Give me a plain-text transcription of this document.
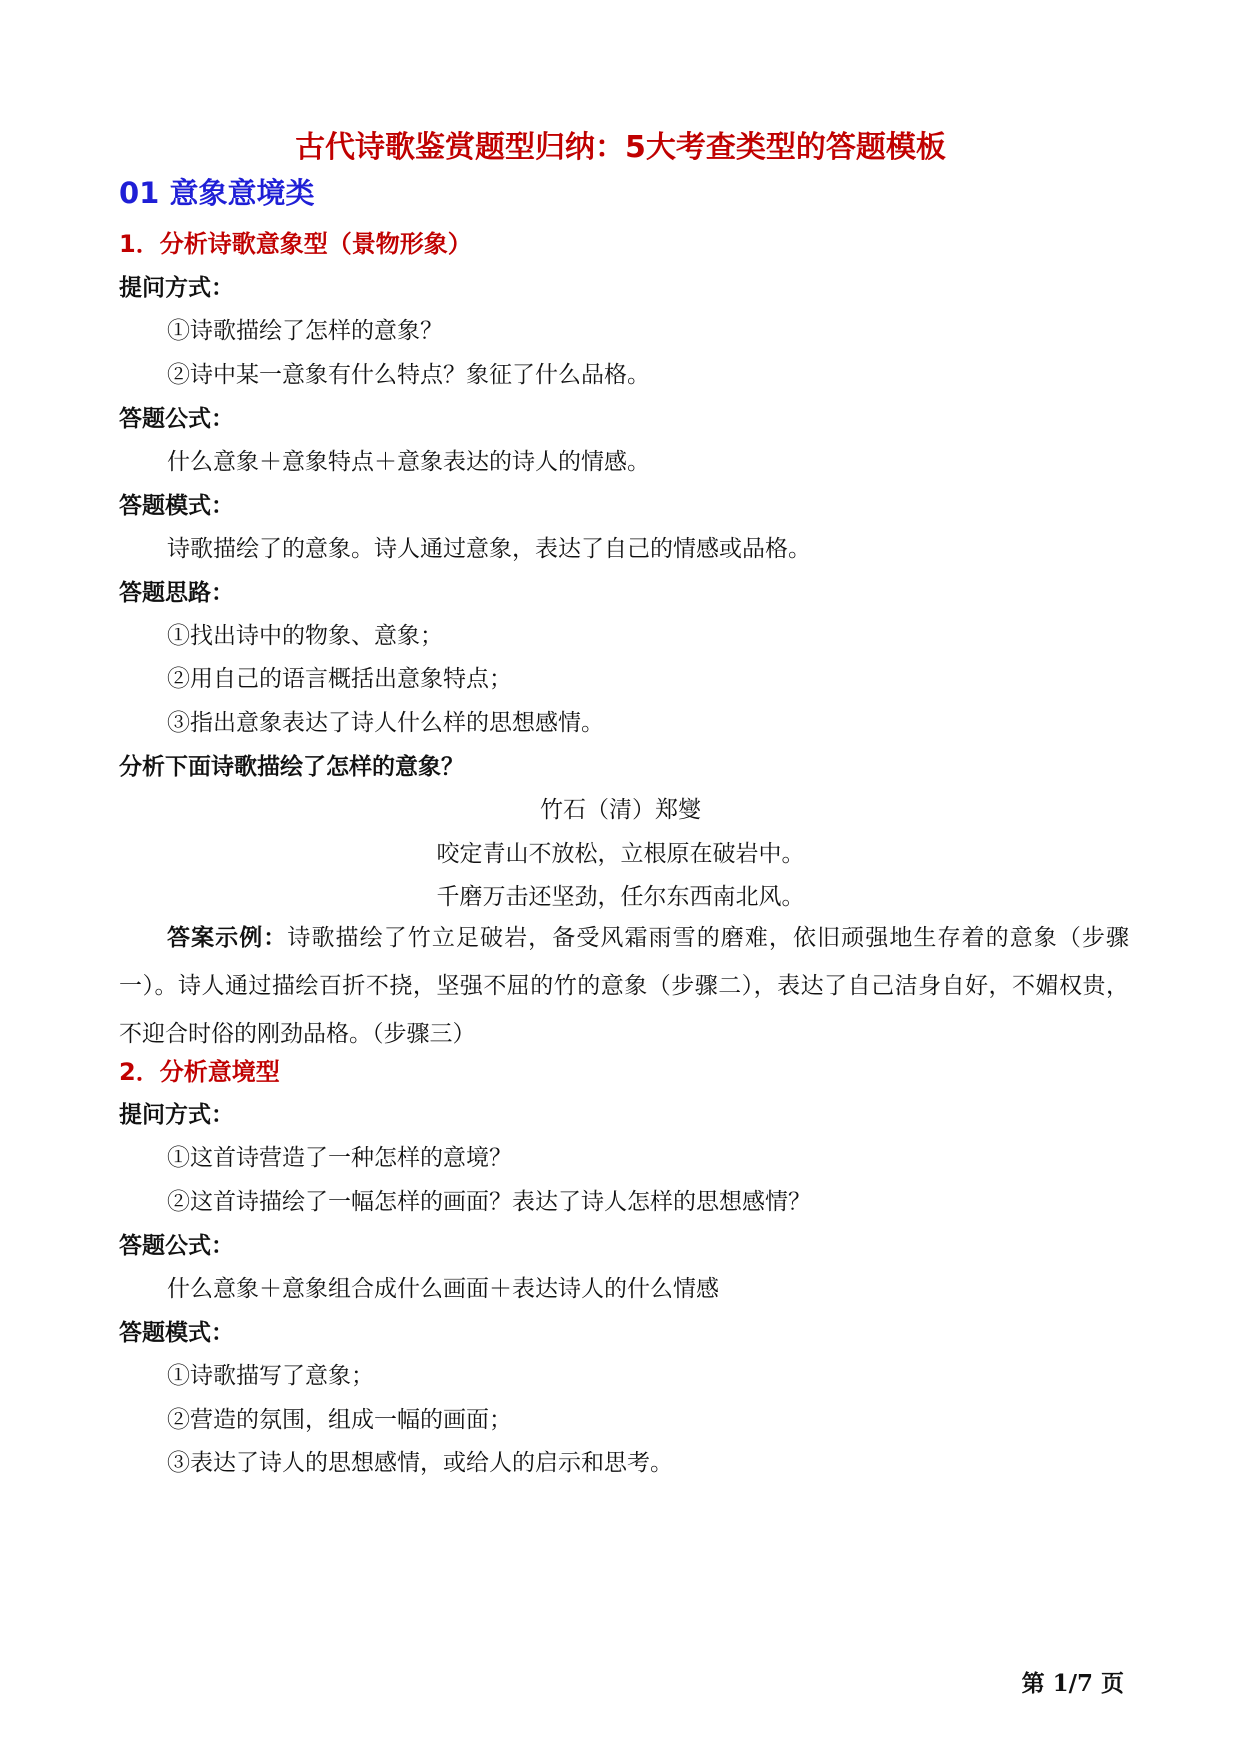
古代诗歌鉴赏题型归纳：5大考查类型的答题模板
01 意象意境类
1．分析诗歌意象型（景物形象）
提问方式：
①诗歌描绘了怎样的意象？
②诗中某一意象有什么特点？象征了什么品格。
答题公式：
什么意象＋意象特点＋意象表达的诗人的情感。
答题模式：
诗歌描绘了的意象。诗人通过意象，表达了自己的情感或品格。
答题思路：
①找出诗中的物象、意象；
②用自己的语言概括出意象特点；
③指出意象表达了诗人什么样的思想感情。
分析下面诗歌描绘了怎样的意象？
竹石（清）郑燮
咬定青山不放松，立根原在破岩中。
千磨万击还坚劲，任尔东西南北风。
答案示例：诗歌描绘了竹立足破岩，备受风霜雨雪的磨难，依旧顽强地生存着的意象（步骤一）。诗人通过描绘百折不挠，坚强不屈的竹的意象（步骤二），表达了自己洁身自好，不媚权贵，不迎合时俗的刚劲品格。（步骤三）
2．分析意境型
提问方式：
①这首诗营造了一种怎样的意境？
②这首诗描绘了一幅怎样的画面？表达了诗人怎样的思想感情？
答题公式：
什么意象＋意象组合成什么画面＋表达诗人的什么情感
答题模式：
①诗歌描写了意象；
②营造的氛围，组成一幅的画面；
③表达了诗人的思想感情，或给人的启示和思考。
第 1/7 页
